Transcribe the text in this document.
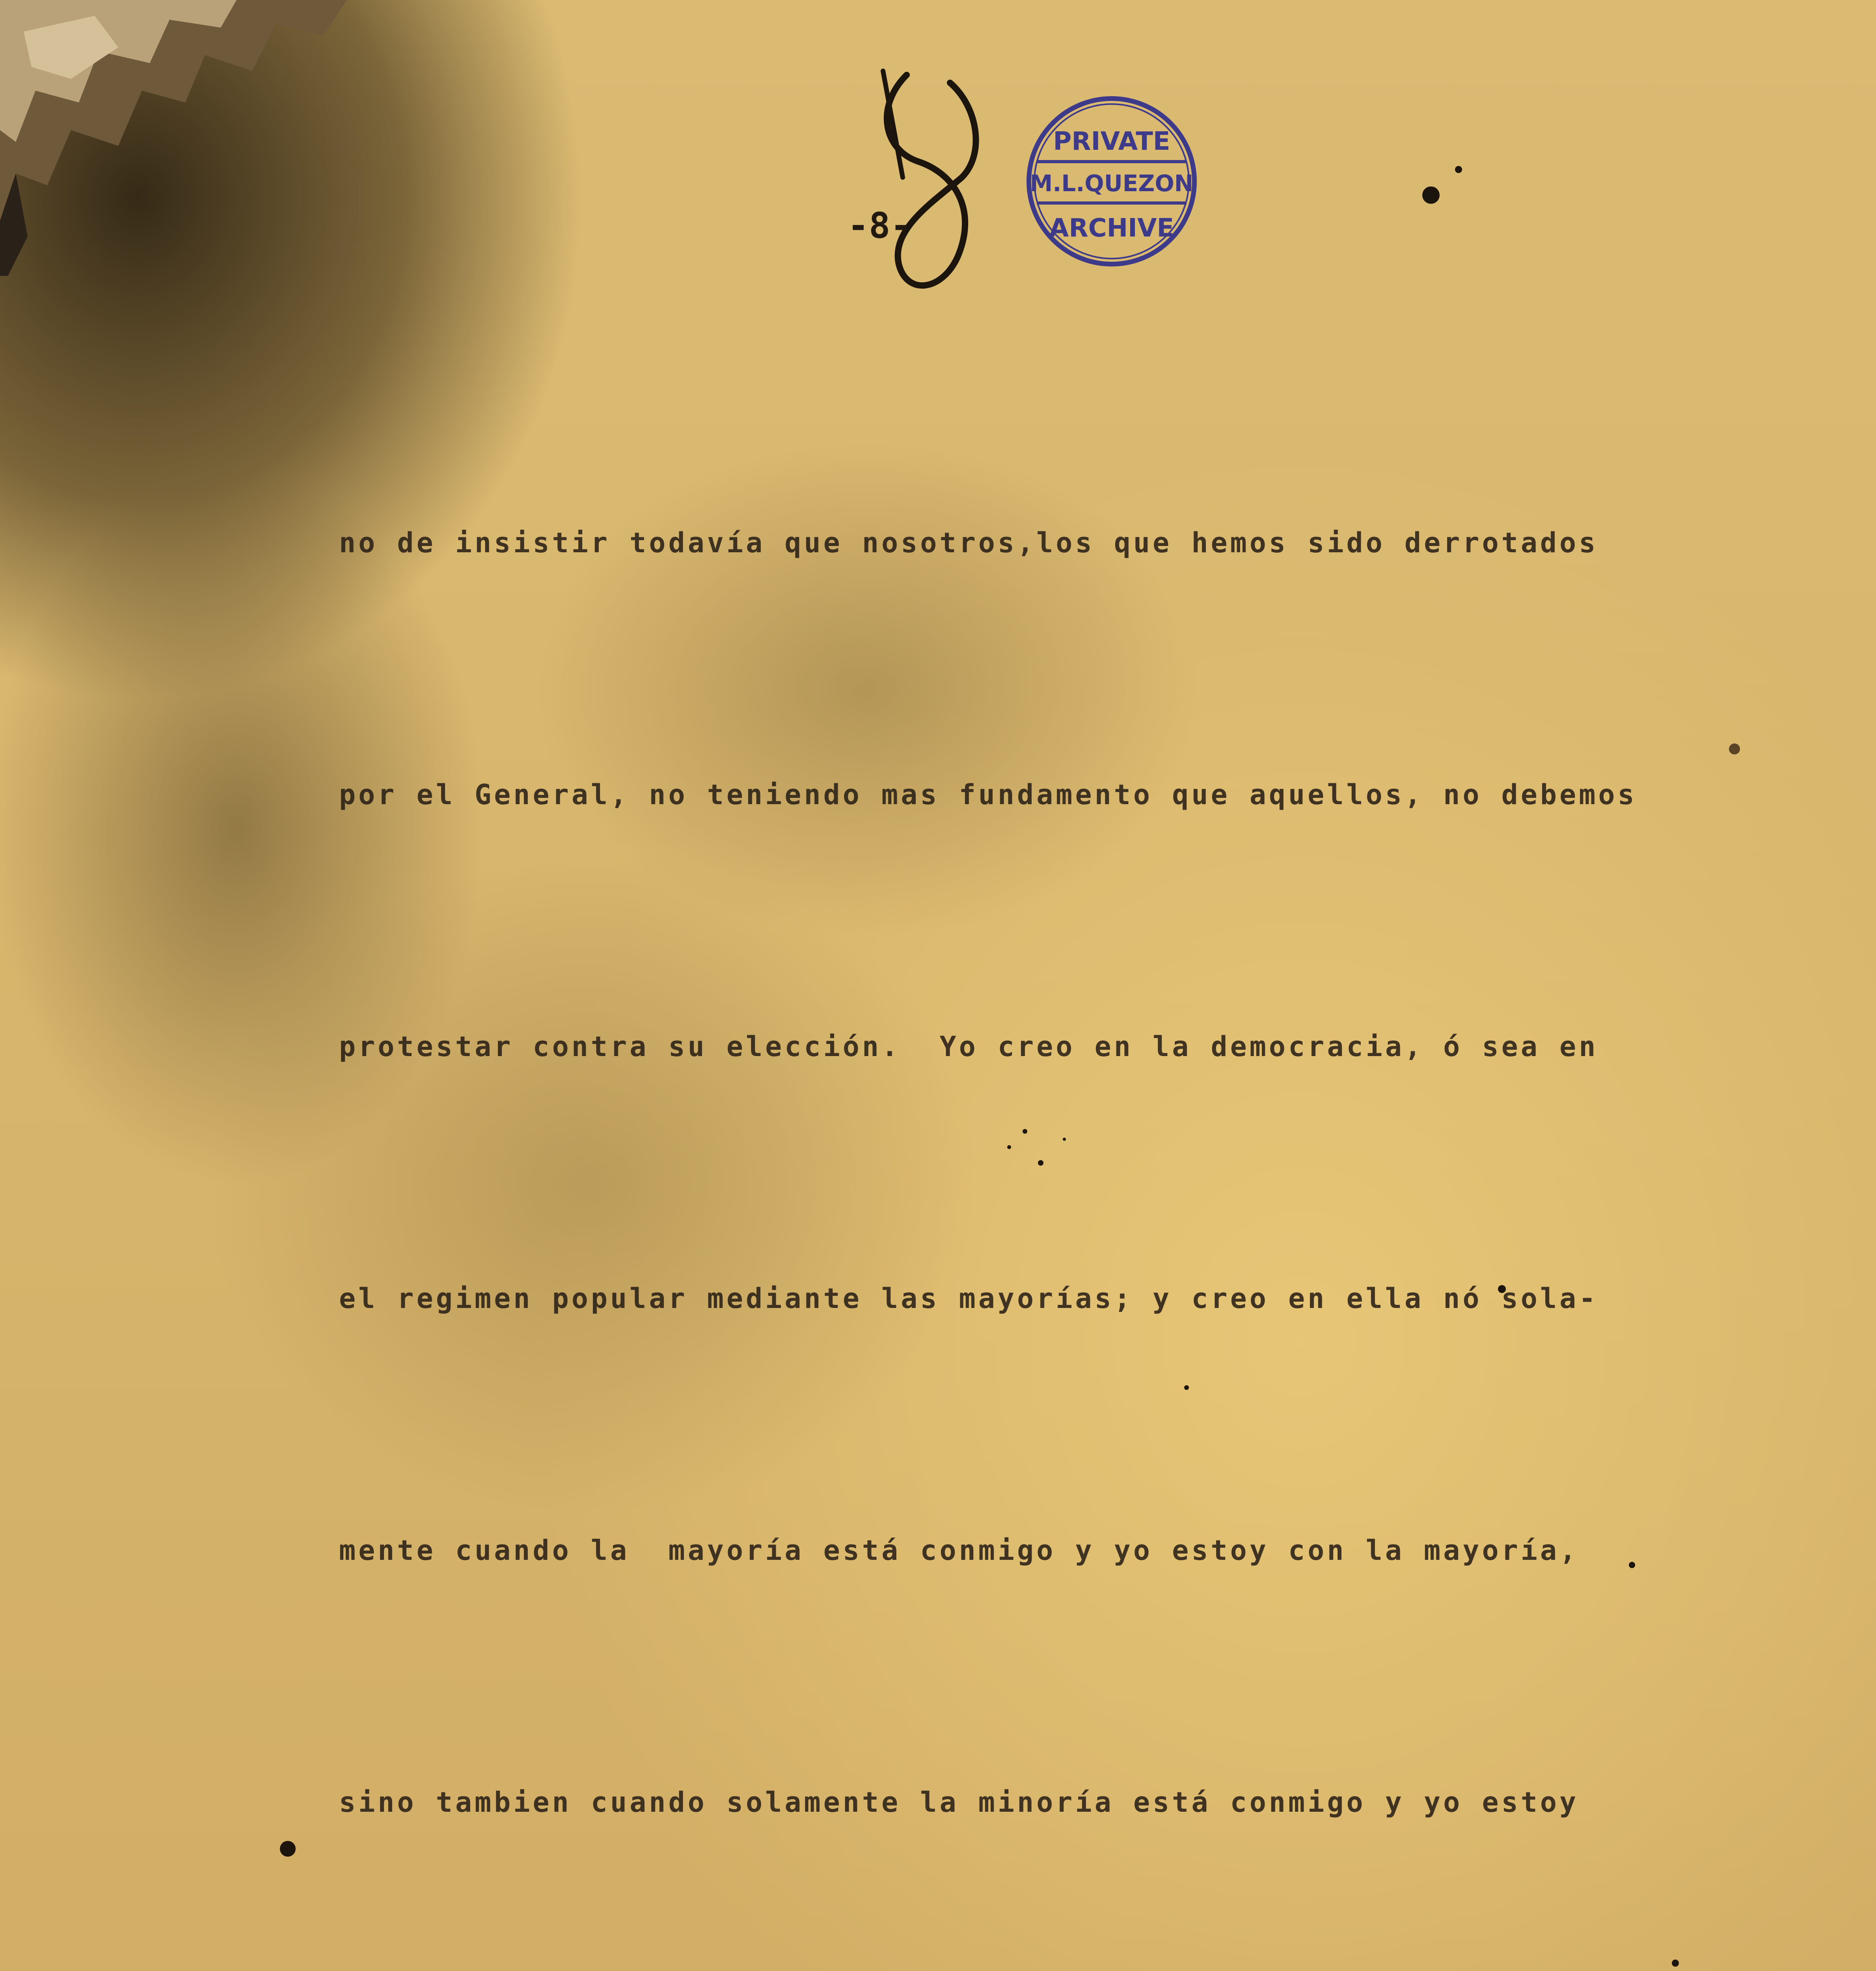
-8-
PRIVATE
M.L.QUEZON
ARCHIVE

no de insistir todavía que nosotros,los que hemos sido derrotados

por el General, no teniendo mas fundamento que aquellos, no debemos

protestar contra su elección.  Yo creo en la democracia, ó sea en

el regimen popular mediante las mayorías; y creo en ella nó sola-

mente cuando la  mayoría está conmigo y yo estoy con la mayoría,

sino tambien cuando solamente la minoría está conmigo y yo estoy
